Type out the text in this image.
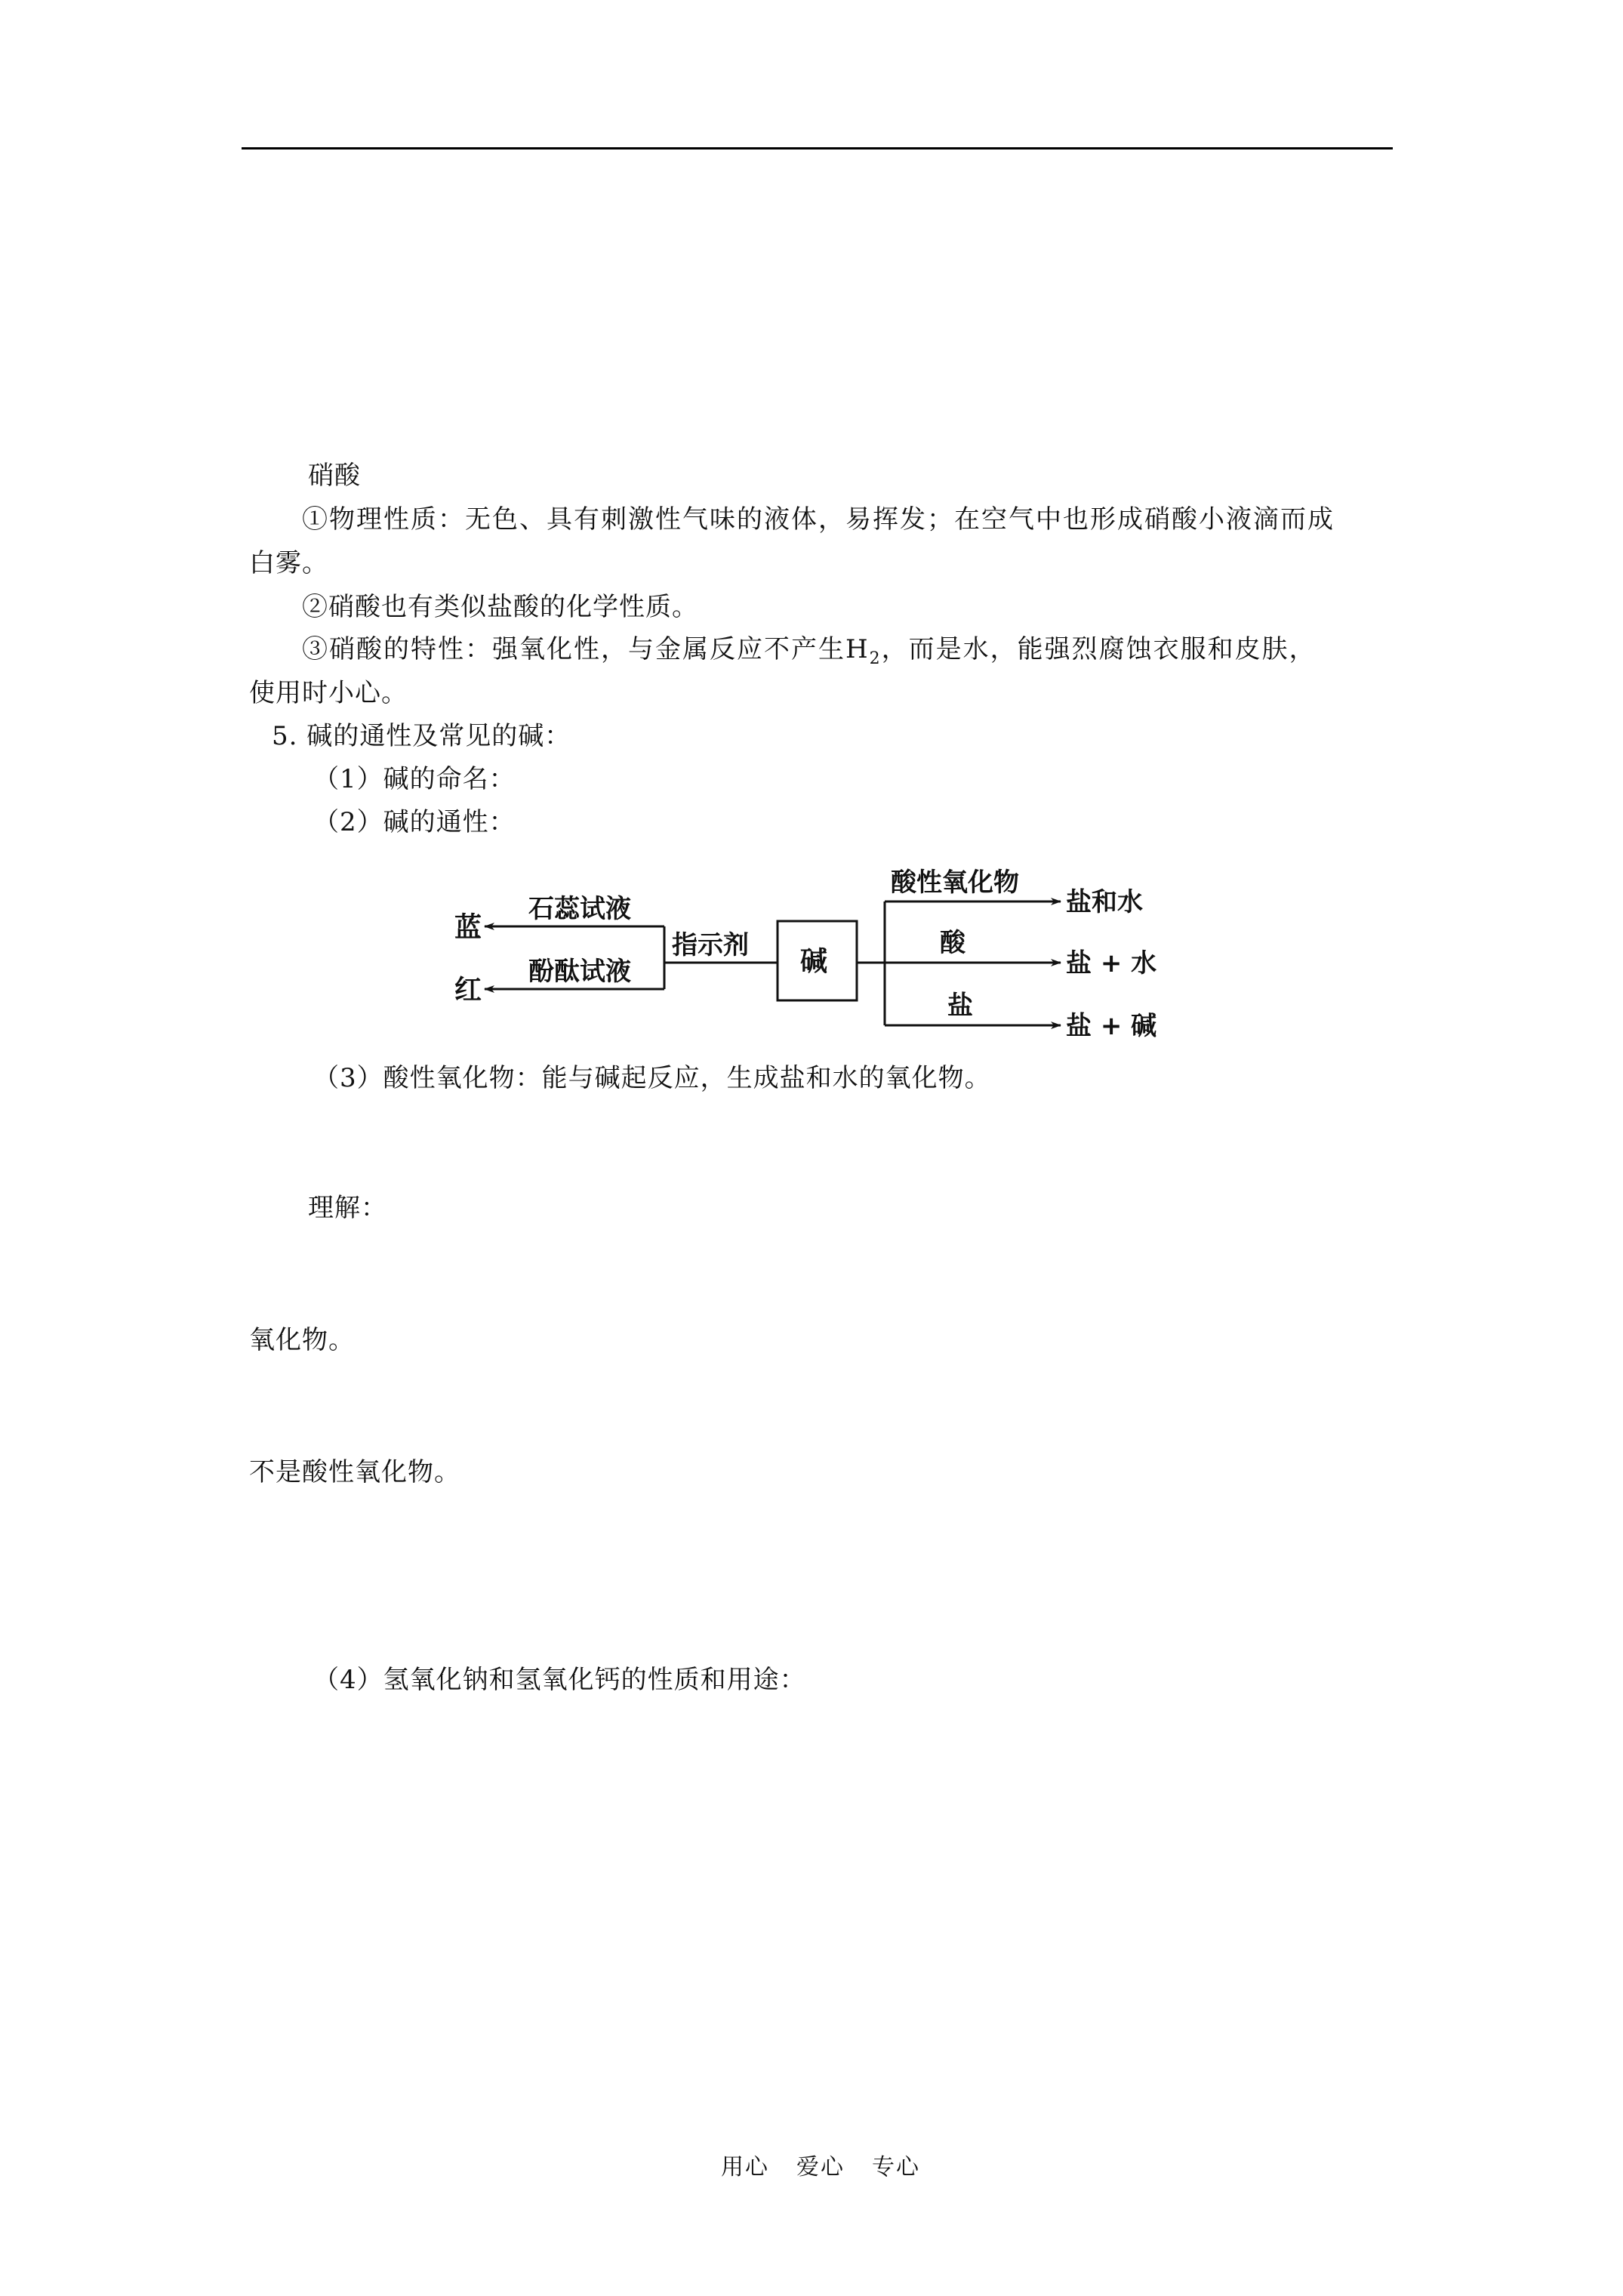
硝酸
①物理性质：无色、具有刺激性气味的液体，易挥发；在空气中也形成硝酸小液滴而成
白雾。
②硝酸也有类似盐酸的化学性质。
③硝酸的特性：强氧化性，与金属反应不产生$H_2$，而是水，能强烈腐蚀衣服和皮肤，
使用时小心。
5. 碱的通性及常见的碱：
（1）碱的命名：
（2）碱的通性：
蓝
红
石蕊试液
酚酞试液
指示剂
碱
酸性氧化物
酸
盐
盐和水
盐 + 水
盐 + 碱
（3）酸性氧化物：能与碱起反应，生成盐和水的氧化物。
理解：
氧化物。
不是酸性氧化物。
（4）氢氧化钠和氢氧化钙的性质和用途：
用心 爱心 专心
